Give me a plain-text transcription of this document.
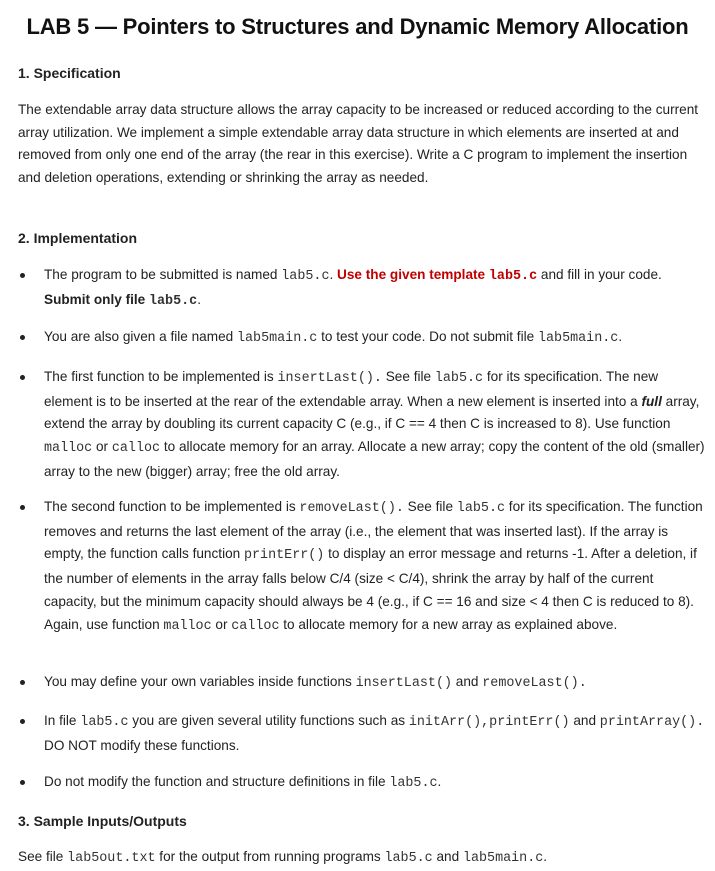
LAB 5 — Pointers to Structures and Dynamic Memory Allocation
1. Specification
The extendable array data structure allows the array capacity to be increased or reduced according to the current array utilization. We implement a simple extendable array data structure in which elements are inserted at and removed from only one end of the array (the rear in this exercise). Write a C program to implement the insertion and deletion operations, extending or shrinking the array as needed.
2. Implementation
The program to be submitted is named lab5.c. Use the given template lab5.c and fill in your code. Submit only file lab5.c.
You are also given a file named lab5main.c to test your code. Do not submit file lab5main.c.
The first function to be implemented is insertLast(). See file lab5.c for its specification. The new element is to be inserted at the rear of the extendable array. When a new element is inserted into a full array, extend the array by doubling its current capacity C (e.g., if C == 4 then C is increased to 8). Use function malloc or calloc to allocate memory for an array. Allocate a new array; copy the content of the old (smaller) array to the new (bigger) array; free the old array.
The second function to be implemented is removeLast(). See file lab5.c for its specification. The function removes and returns the last element of the array (i.e., the element that was inserted last). If the array is empty, the function calls function printErr() to display an error message and returns -1. After a deletion, if the number of elements in the array falls below C/4 (size < C/4), shrink the array by half of the current capacity, but the minimum capacity should always be 4 (e.g., if C == 16 and size < 4 then C is reduced to 8). Again, use function malloc or calloc to allocate memory for a new array as explained above.
You may define your own variables inside functions insertLast() and removeLast().
In file lab5.c you are given several utility functions such as initArr(),printErr() and printArray(). DO NOT modify these functions.
Do not modify the function and structure definitions in file lab5.c.
3. Sample Inputs/Outputs
See file lab5out.txt for the output from running programs lab5.c and lab5main.c.
